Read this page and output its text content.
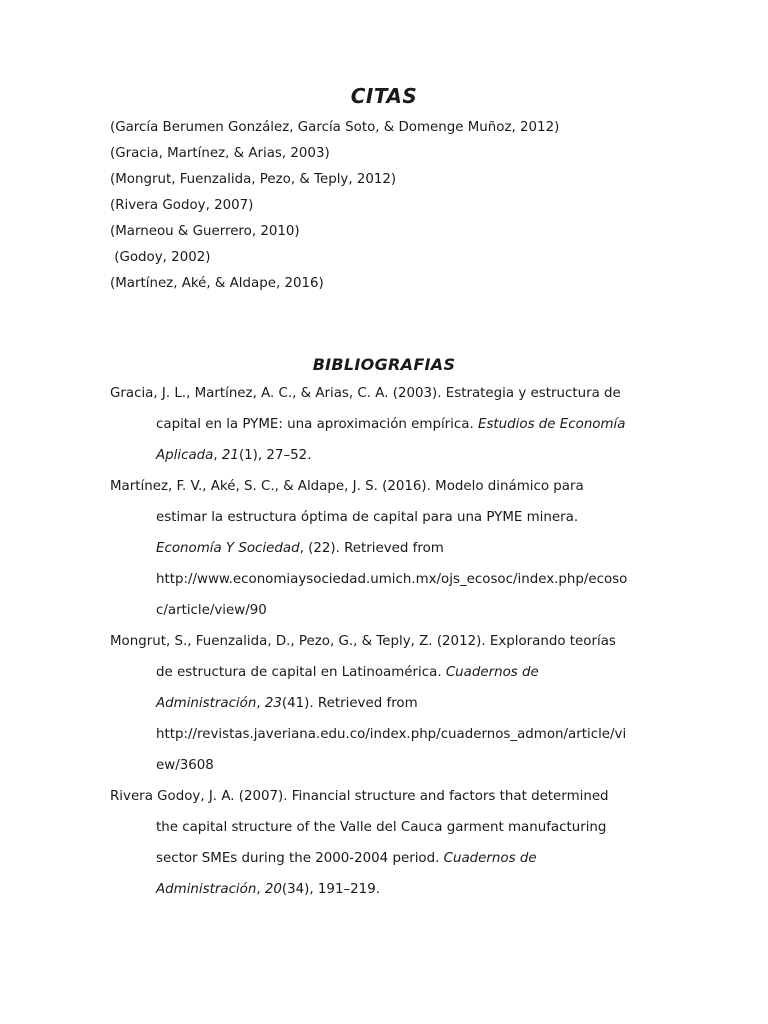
CITAS
(García Berumen González, García Soto, & Domenge Muñoz, 2012)
(Gracia, Martínez, & Arias, 2003)
(Mongrut, Fuenzalida, Pezo, & Teply, 2012)
(Rivera Godoy, 2007)
(Marneou & Guerrero, 2010)
(Godoy, 2002)
(Martínez, Aké, & Aldape, 2016)
BIBLIOGRAFIAS
Gracia, J. L., Martínez, A. C., & Arias, C. A. (2003). Estrategia y estructura de
capital en la PYME: una aproximación empírica. Estudios de Economía
Aplicada, 21(1), 27–52.
Martínez, F. V., Aké, S. C., & Aldape, J. S. (2016). Modelo dinámico para
estimar la estructura óptima de capital para una PYME minera.
Economía Y Sociedad, (22). Retrieved from
http://www.economiaysociedad.umich.mx/ojs_ecosoc/index.php/ecoso
c/article/view/90
Mongrut, S., Fuenzalida, D., Pezo, G., & Teply, Z. (2012). Explorando teorías
de estructura de capital en Latinoamérica. Cuadernos de
Administración, 23(41). Retrieved from
http://revistas.javeriana.edu.co/index.php/cuadernos_admon/article/vi
ew/3608
Rivera Godoy, J. A. (2007). Financial structure and factors that determined
the capital structure of the Valle del Cauca garment manufacturing
sector SMEs during the 2000-2004 period. Cuadernos de
Administración, 20(34), 191–219.
